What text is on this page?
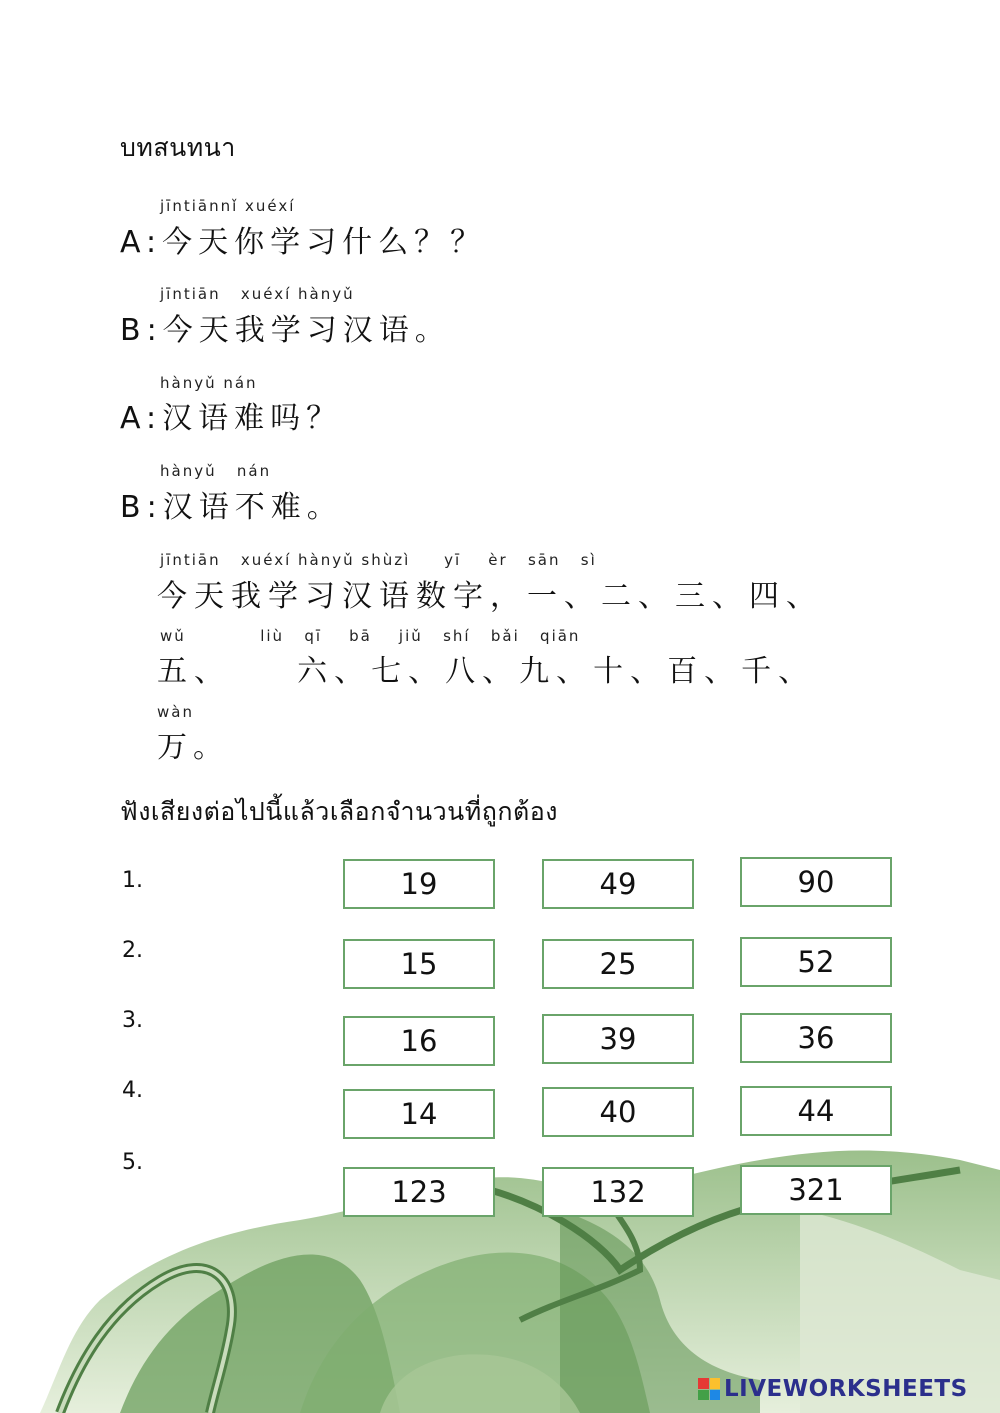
บทสนทนา
jīntiānnǐ xuéxí
A:今天你学习什么？？
jīntiān   xuéxí hànyǔ
B:今天我学习汉语。
hànyǔ nán
A:汉语难吗？
hànyǔ   nán
B:汉语不难。
jīntiān   xuéxí hànyǔ shùzì     yī    èr   sān   sì
今天我学习汉语数字，一、二、三、四、
wǔ           liù   qī    bā    jiǔ   shí   bǎi   qiān
五、    六、七、八、九、十、百、千、
wàn
万。
ฟังเสียงต่อไปนี้แล้วเลือกจำนวนที่ถูกต้อง
1.
2.
3.
4.
5.
19	49	90
15	25	52
16	39	36
14	40	44
123	132	321
LIVEWORKSHEETS
